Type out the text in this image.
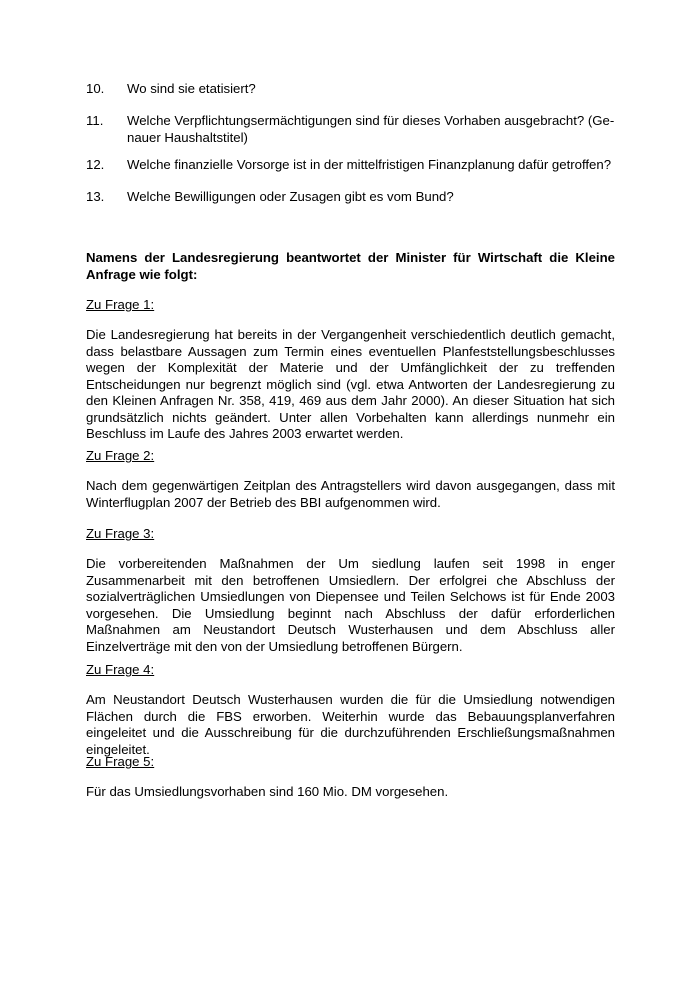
10.	Wo sind sie etatisiert?
11.	Welche Verpflichtungsermächtigungen sind für dieses Vorhaben ausgebracht? (Ge-nauer Haushaltstitel)
12.	Welche finanzielle Vorsorge ist in der mittelfristigen Finanzplanung dafür getroffen?
13.	Welche Bewilligungen oder Zusagen gibt es vom Bund?
Namens der Landesregierung beantwortet der Minister für Wirtschaft die Kleine Anfrage wie folgt:
Zu Frage 1:
Die Landesregierung hat bereits in der Vergangenheit verschiedentlich deutlich gemacht, dass belastbare Aussagen zum Termin eines eventuellen Planfeststellungsbeschlusses wegen der Komplexität der Materie und der Umfänglichkeit der zu treffenden Entscheidungen nur begrenzt möglich sind (vgl. etwa Antworten der Landesregierung zu den Kleinen Anfragen Nr. 358, 419, 469 aus dem Jahr 2000). An dieser Situation hat sich grundsätzlich nichts geändert. Unter allen Vorbehalten kann allerdings nunmehr ein Beschluss im Laufe des Jahres 2003 erwartet werden.
Zu Frage 2:
Nach dem gegenwärtigen Zeitplan des Antragstellers wird davon ausgegangen, dass mit Winterflugplan 2007 der Betrieb des BBI aufgenommen wird.
Zu Frage 3:
Die vorbereitenden Maßnahmen der Um siedlung laufen seit 1998 in enger Zusammenarbeit mit den betroffenen Umsiedlern. Der erfolgrei che Abschluss der sozialverträglichen Umsiedlungen von Diepensee und Teilen Selchows ist für Ende 2003 vorgesehen. Die Umsiedlung beginnt nach Abschluss der dafür erforderlichen Maßnahmen am Neustandort Deutsch Wusterhausen und dem Abschluss aller Einzelverträge mit den von der Umsiedlung betroffenen Bürgern.
Zu Frage 4:
Am Neustandort Deutsch Wusterhausen wurden die für die Umsiedlung notwendigen Flächen durch die FBS erworben. Weiterhin wurde das Bebauungsplanverfahren eingeleitet und die Ausschreibung für die durchzuführenden Erschließungsmaßnahmen eingeleitet.
Zu Frage 5:
Für das Umsiedlungsvorhaben sind 160 Mio. DM vorgesehen.
